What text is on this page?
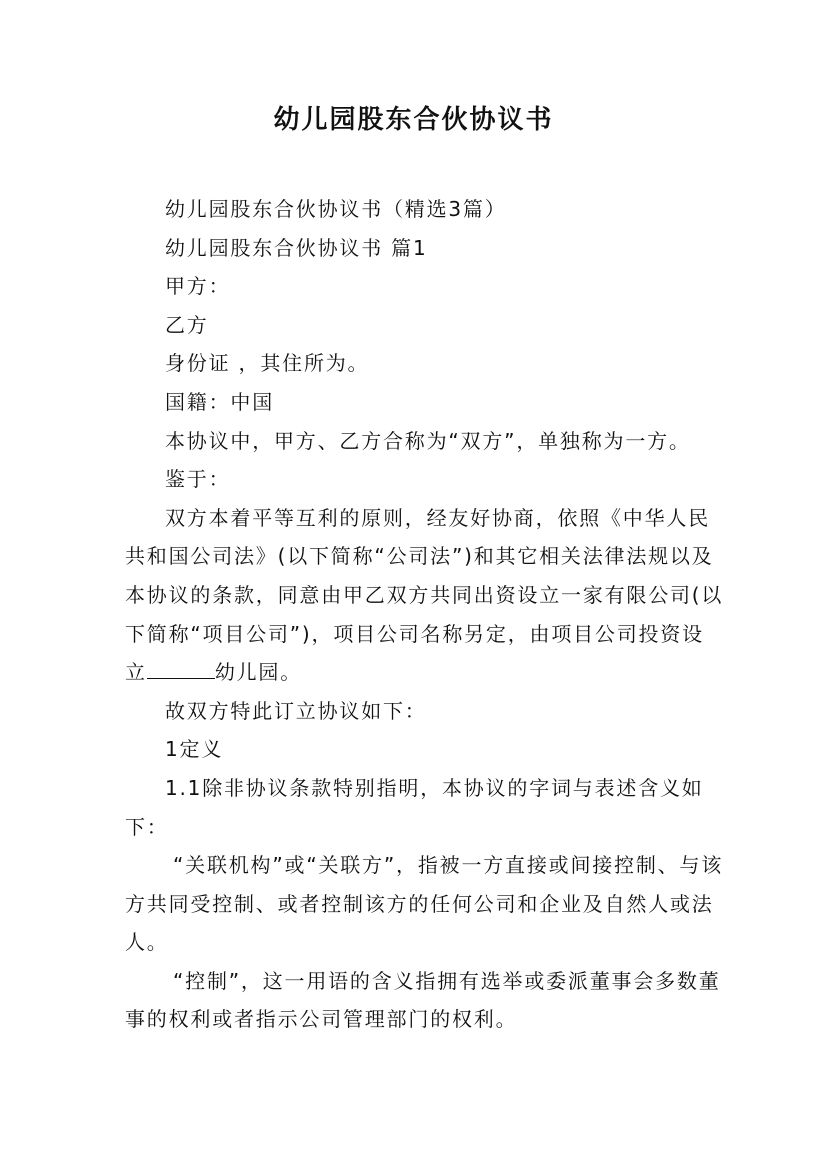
幼儿园股东合伙协议书

幼儿园股东合伙协议书（精选3篇）

幼儿园股东合伙协议书 篇1

甲方：

乙方

身份证 ，其住所为。

国籍：中国

本协议中，甲方、乙方合称为“双方”，单独称为一方。

鉴于：

双方本着平等互利的原则，经友好协商，依照《中华人民共和国公司法》(以下简称“公司法”)和其它相关法律法规以及本协议的条款，同意由甲乙双方共同出资设立一家有限公司(以下简称“项目公司”)，项目公司名称另定，由项目公司投资设立	幼儿园。

故双方特此订立协议如下：

1定义

1.1除非协议条款特别指明，本协议的字词与表述含义如下：

“关联机构”或“关联方”，指被一方直接或间接控制、与该方共同受控制、或者控制该方的任何公司和企业及自然人或法人。

“控制”，这一用语的含义指拥有选举或委派董事会多数董事的权利或者指示公司管理部门的权利。
